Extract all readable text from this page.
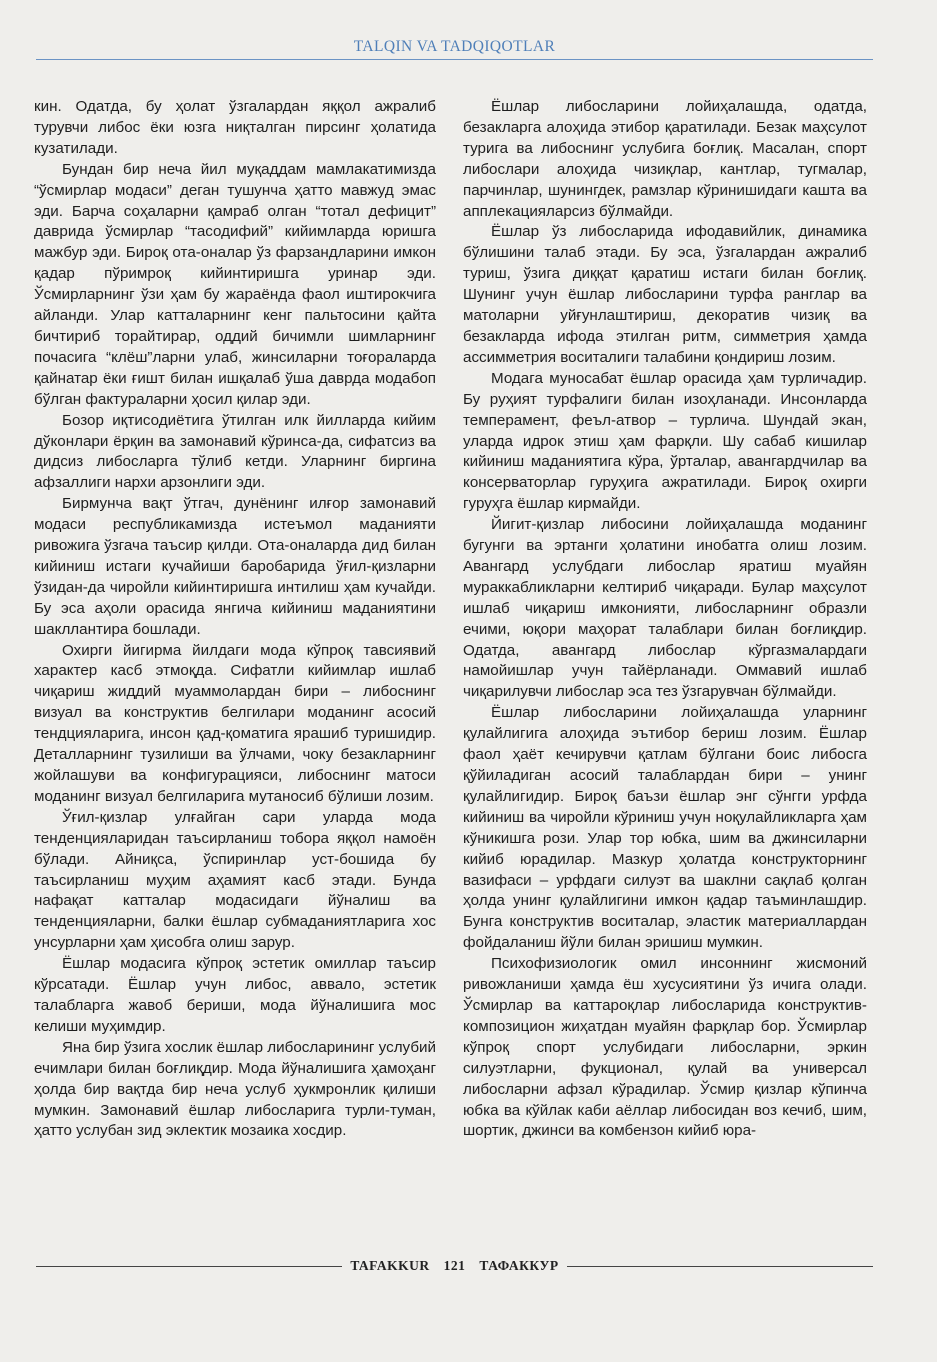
TALQIN VA TADQIQOTLAR

кин. Одатда, бу ҳолат ўзгалардан яққол ажралиб турувчи либос ёки юзга ниқталган пирсинг ҳолатида кузатилади.

Бундан бир неча йил муқаддам мамлакатимизда “ўсмирлар модаси” деган тушунча ҳатто мавжуд эмас эди. Барча соҳаларни қамраб олган “тотал дефицит” даврида ўсмирлар “тасодифий” кийимларда юришга мажбур эди. Бироқ ота-оналар ўз фарзандларини имкон қадар пўримроқ кийинтиришга уринар эди. Ўсмирларнинг ўзи ҳам бу жараёнда фаол иштирокчига айланди. Улар катталарнинг кенг пальтосини қайта бичтириб торайтирар, оддий бичимли шимларнинг почасига “клёш”ларни улаб, жинсиларни тоғораларда қайнатар ёки ғишт билан ишқалаб ўша даврда модабоп бўлган фактураларни ҳосил қилар эди.

Бозор иқтисодиётига ўтилган илк йилларда кийим дўконлари ёрқин ва замонавий кўринса-да, сифатсиз ва дидсиз либосларга тўлиб кетди. Уларнинг биргина афзаллиги нархи арзонлиги эди.

Бирмунча вақт ўтгач, дунёнинг илғор замонавий модаси республикамизда истеъмол маданияти ривожига ўзгача таъсир қилди. Ота-оналарда дид билан кийиниш истаги кучайиши баробарида ўғил-қизларни ўзидан-да чиройли кийинтиришга интилиш ҳам кучайди. Бу эса аҳоли орасида янгича кийиниш маданиятини шакллантира бошлади.

Охирги йигирма йилдаги мода кўпроқ тавсиявий характер касб этмоқда. Сифатли кийимлар ишлаб чиқариш жиддий муаммолардан бири – либоснинг визуал ва конструктив белгилари моданинг асосий тендцияларига, инсон қад-қоматига ярашиб туришидир. Деталларнинг тузилиши ва ўлчами, чоку безакларнинг жойлашуви ва конфигурацияси, либоснинг матоси моданинг визуал белгиларига мутаносиб бўлиши лозим.

Ўғил-қизлар улғайган сари уларда мода тенденцияларидан таъсирланиш тобора яққол намоён бўлади. Айниқса, ўспиринлар уст-бошида бу таъсирланиш муҳим аҳамият касб этади. Бунда нафақат катталар модасидаги йўналиш ва тенденцияларни, балки ёшлар субмаданиятларига хос унсурларни ҳам ҳисобга олиш зарур.

Ёшлар модасига кўпроқ эстетик омиллар таъсир кўрсатади. Ёшлар учун либос, аввало, эстетик талабларга жавоб бериши, мода йўналишига мос келиши муҳимдир.

Яна бир ўзига хослик ёшлар либосларининг услубий ечимлари билан боғлиқдир. Мода йўналишига ҳамоҳанг ҳолда бир вақтда бир неча услуб ҳукмронлик қилиши мумкин. Замонавий ёшлар либосларига турли-туман, ҳатто услубан зид эклектик мозаика хосдир.

Ёшлар либосларини лойиҳалашда, одатда, безакларга алоҳида этибор қаратилади. Безак маҳсулот турига ва либоснинг услубига боғлиқ. Масалан, спорт либослари алоҳида чизиқлар, кантлар, тугмалар, парчинлар, шунингдек, рамзлар кўринишидаги кашта ва апплекацияларсиз бўлмайди.

Ёшлар ўз либосларида ифодавийлик, динамика бўлишини талаб этади. Бу эса, ўзгалардан ажралиб туриш, ўзига диққат қаратиш истаги билан боғлиқ. Шунинг учун ёшлар либосларини турфа ранглар ва матоларни уйғунлаштириш, декоратив чизиқ ва безакларда ифода этилган ритм, симметрия ҳамда ассимметрия воситалиги талабини қондириш лозим.

Модага муносабат ёшлар орасида ҳам турличадир. Бу руҳият турфалиги билан изоҳланади. Инсонларда темперамент, феъл-атвор – турлича. Шундай экан, уларда идрок этиш ҳам фарқли. Шу сабаб кишилар кийиниш маданиятига кўра, ўрталар, авангардчилар ва консерваторлар гуруҳига ажратилади. Бироқ охирги гуруҳга ёшлар кирмайди.

Йигит-қизлар либосини лойиҳалашда моданинг бугунги ва эртанги ҳолатини инобатга олиш лозим. Авангард услубдаги либослар яратиш муайян мураккабликларни келтириб чиқаради. Булар маҳсулот ишлаб чиқариш имконияти, либосларнинг образли ечими, юқори маҳорат талаблари билан боғлиқдир. Одатда, авангард либослар кўргазмалардаги намойишлар учун тайёрланади. Оммавий ишлаб чиқарилувчи либослар эса тез ўзгарувчан бўлмайди.

Ёшлар либосларини лойиҳалашда уларнинг қулайлигига алоҳида эътибор бериш лозим. Ёшлар фаол ҳаёт кечирувчи қатлам бўлгани боис либосга қўйиладиган асосий талаблардан бири – унинг қулайлигидир. Бироқ баъзи ёшлар энг сўнгги урфда кийиниш ва чиройли кўриниш учун ноқулайликларга ҳам кўникишга рози. Улар тор юбка, шим ва джинсиларни кийиб юрадилар. Мазкур ҳолатда конструкторнинг вазифаси – урфдаги силуэт ва шаклни сақлаб қолган ҳолда унинг қулайлигини имкон қадар таъминлашдир. Бунга конструктив воситалар, эластик материаллардан фойдаланиш йўли билан эришиш мумкин.

Психофизиологик омил инсоннинг жисмоний ривожланиши ҳамда ёш хусусиятини ўз ичига олади. Ўсмирлар ва каттароқлар либосларида конструктив-композицион жиҳатдан муайян фарқлар бор. Ўсмирлар кўпроқ спорт услубидаги либосларни, эркин силуэтларни, фукционал, қулай ва универсал либосларни афзал кўрадилар. Ўсмир қизлар кўпинча юбка ва кўйлак каби аёллар либосидан воз кечиб, шим, шортик, джинси ва комбензон кийиб юра-

TAFAKKUR	121	ТАФАККУР
